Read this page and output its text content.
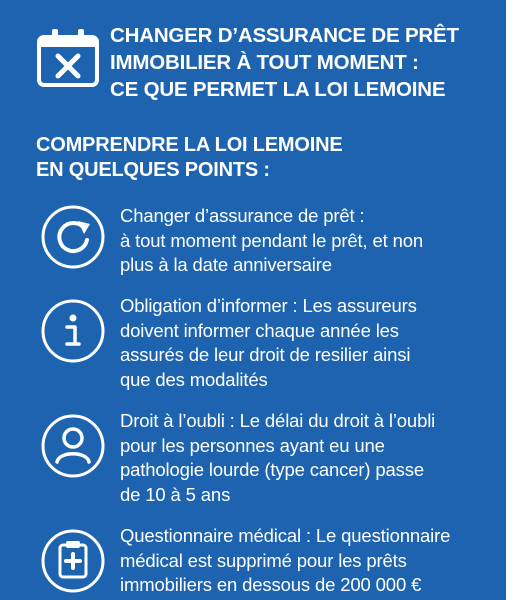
CHANGER D’ASSURANCE DE PRÊT
IMMOBILIER À TOUT MOMENT :
CE QUE PERMET LA LOI LEMOINE
COMPRENDRE LA LOI LEMOINE
EN QUELQUES POINTS :
Changer d’assurance de prêt :
à tout moment pendant le prêt, et non
plus à la date anniversaire
Obligation d’informer : Les assureurs
doivent informer chaque année les
assurés de leur droit de resilier ainsi
que des modalités
Droit à l’oubli : Le délai du droit à l’oubli
pour les personnes ayant eu une
pathologie lourde (type cancer) passe
de 10 à 5 ans
Questionnaire médical : Le questionnaire
médical est supprimé pour les prêts
immobiliers en dessous de 200 000 €
